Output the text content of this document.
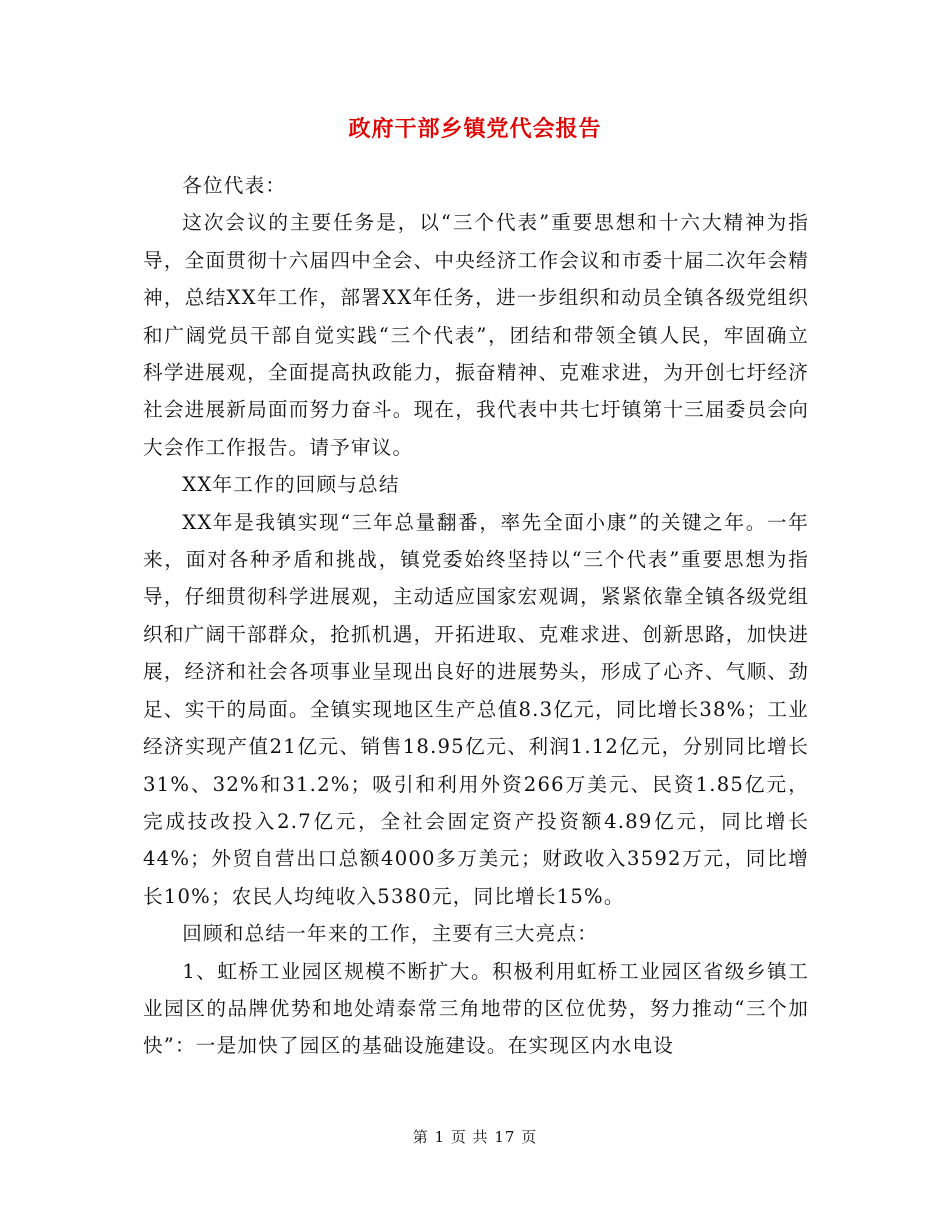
政府干部乡镇党代会报告

各位代表：

这次会议的主要任务是，以“三个代表”重要思想和十六大精神为指导，全面贯彻十六届四中全会、中央经济工作会议和市委十届二次年会精神，总结XX年工作，部署XX年任务，进一步组织和动员全镇各级党组织和广阔党员干部自觉实践“三个代表”，团结和带领全镇人民，牢固确立科学进展观，全面提高执政能力，振奋精神、克难求进，为开创七圩经济社会进展新局面而努力奋斗。现在，我代表中共七圩镇第十三届委员会向大会作工作报告。请予审议。

XX年工作的回顾与总结

XX年是我镇实现“三年总量翻番，率先全面小康”的关键之年。一年来，面对各种矛盾和挑战，镇党委始终坚持以“三个代表”重要思想为指导，仔细贯彻科学进展观，主动适应国家宏观调，紧紧依靠全镇各级党组织和广阔干部群众，抢抓机遇，开拓进取、克难求进、创新思路，加快进展，经济和社会各项事业呈现出良好的进展势头，形成了心齐、气顺、劲足、实干的局面。全镇实现地区生产总值8.3亿元，同比增长38%；工业经济实现产值21亿元、销售18.95亿元、利润1.12亿元，分别同比增长31%、32%和31.2%；吸引和利用外资266万美元、民资1.85亿元，完成技改投入2.7亿元，全社会固定资产投资额4.89亿元，同比增长44%；外贸自营出口总额4000多万美元；财政收入3592万元，同比增长10%；农民人均纯收入5380元，同比增长15%。

回顾和总结一年来的工作，主要有三大亮点：

1、虹桥工业园区规模不断扩大。积极利用虹桥工业园区省级乡镇工业园区的品牌优势和地处靖泰常三角地带的区位优势，努力推动“三个加快”：一是加快了园区的基础设施建设。在实现区内水电设

第 1 页 共 17 页
